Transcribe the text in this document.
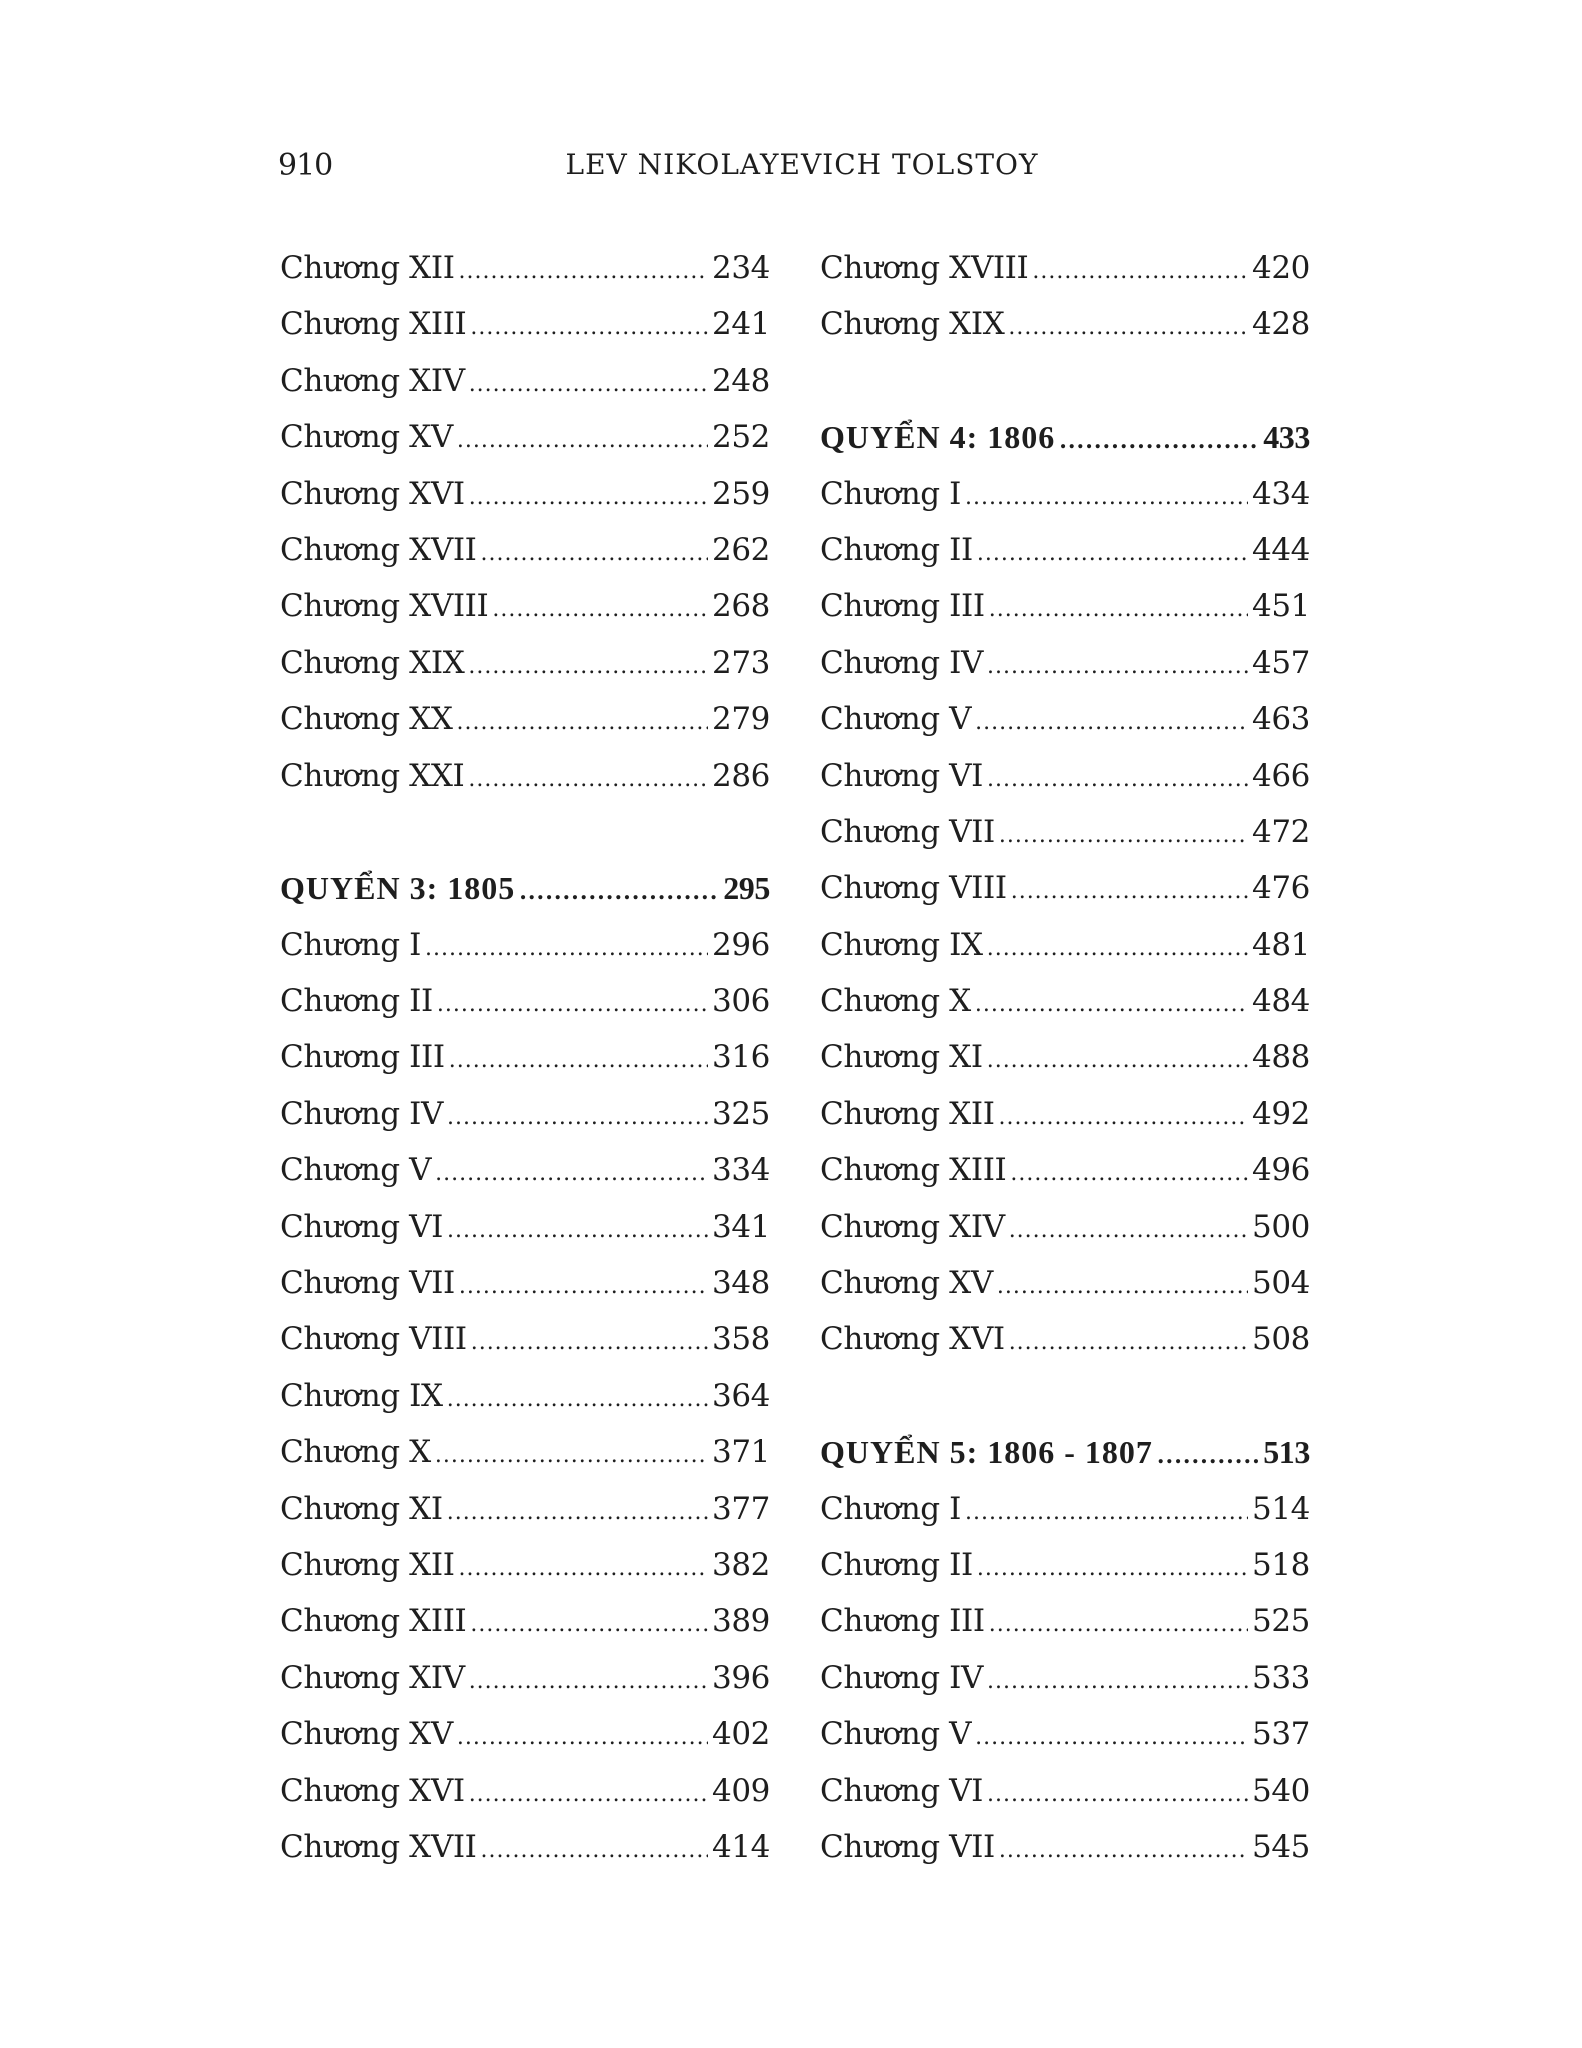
910	LEV NIKOLAYEVICH TOLSTOY
Chương XII .....	234
Chương XIII .....	241
Chương XIV .....	248
Chương XV .....	252
Chương XVI .....	259
Chương XVII .....	262
Chương XVIII .....	268
Chương XIX .....	273
Chương XX .....	279
Chương XXI .....	286
QUYỂN 3: 1805 .....	295
Chương I .....	296
Chương II .....	306
Chương III .....	316
Chương IV .....	325
Chương V .....	334
Chương VI .....	341
Chương VII .....	348
Chương VIII .....	358
Chương IX .....	364
Chương X .....	371
Chương XI .....	377
Chương XII .....	382
Chương XIII .....	389
Chương XIV .....	396
Chương XV .....	402
Chương XVI .....	409
Chương XVII .....	414
Chương XVIII .....	420
Chương XIX .....	428
QUYỂN 4: 1806 .....	433
Chương I .....	434
Chương II .....	444
Chương III .....	451
Chương IV .....	457
Chương V .....	463
Chương VI .....	466
Chương VII .....	472
Chương VIII .....	476
Chương IX .....	481
Chương X .....	484
Chương XI .....	488
Chương XII .....	492
Chương XIII .....	496
Chương XIV .....	500
Chương XV .....	504
Chương XVI .....	508
QUYỂN 5: 1806 - 1807 .....	513
Chương I .....	514
Chương II .....	518
Chương III .....	525
Chương IV .....	533
Chương V .....	537
Chương VI .....	540
Chương VII .....	545
